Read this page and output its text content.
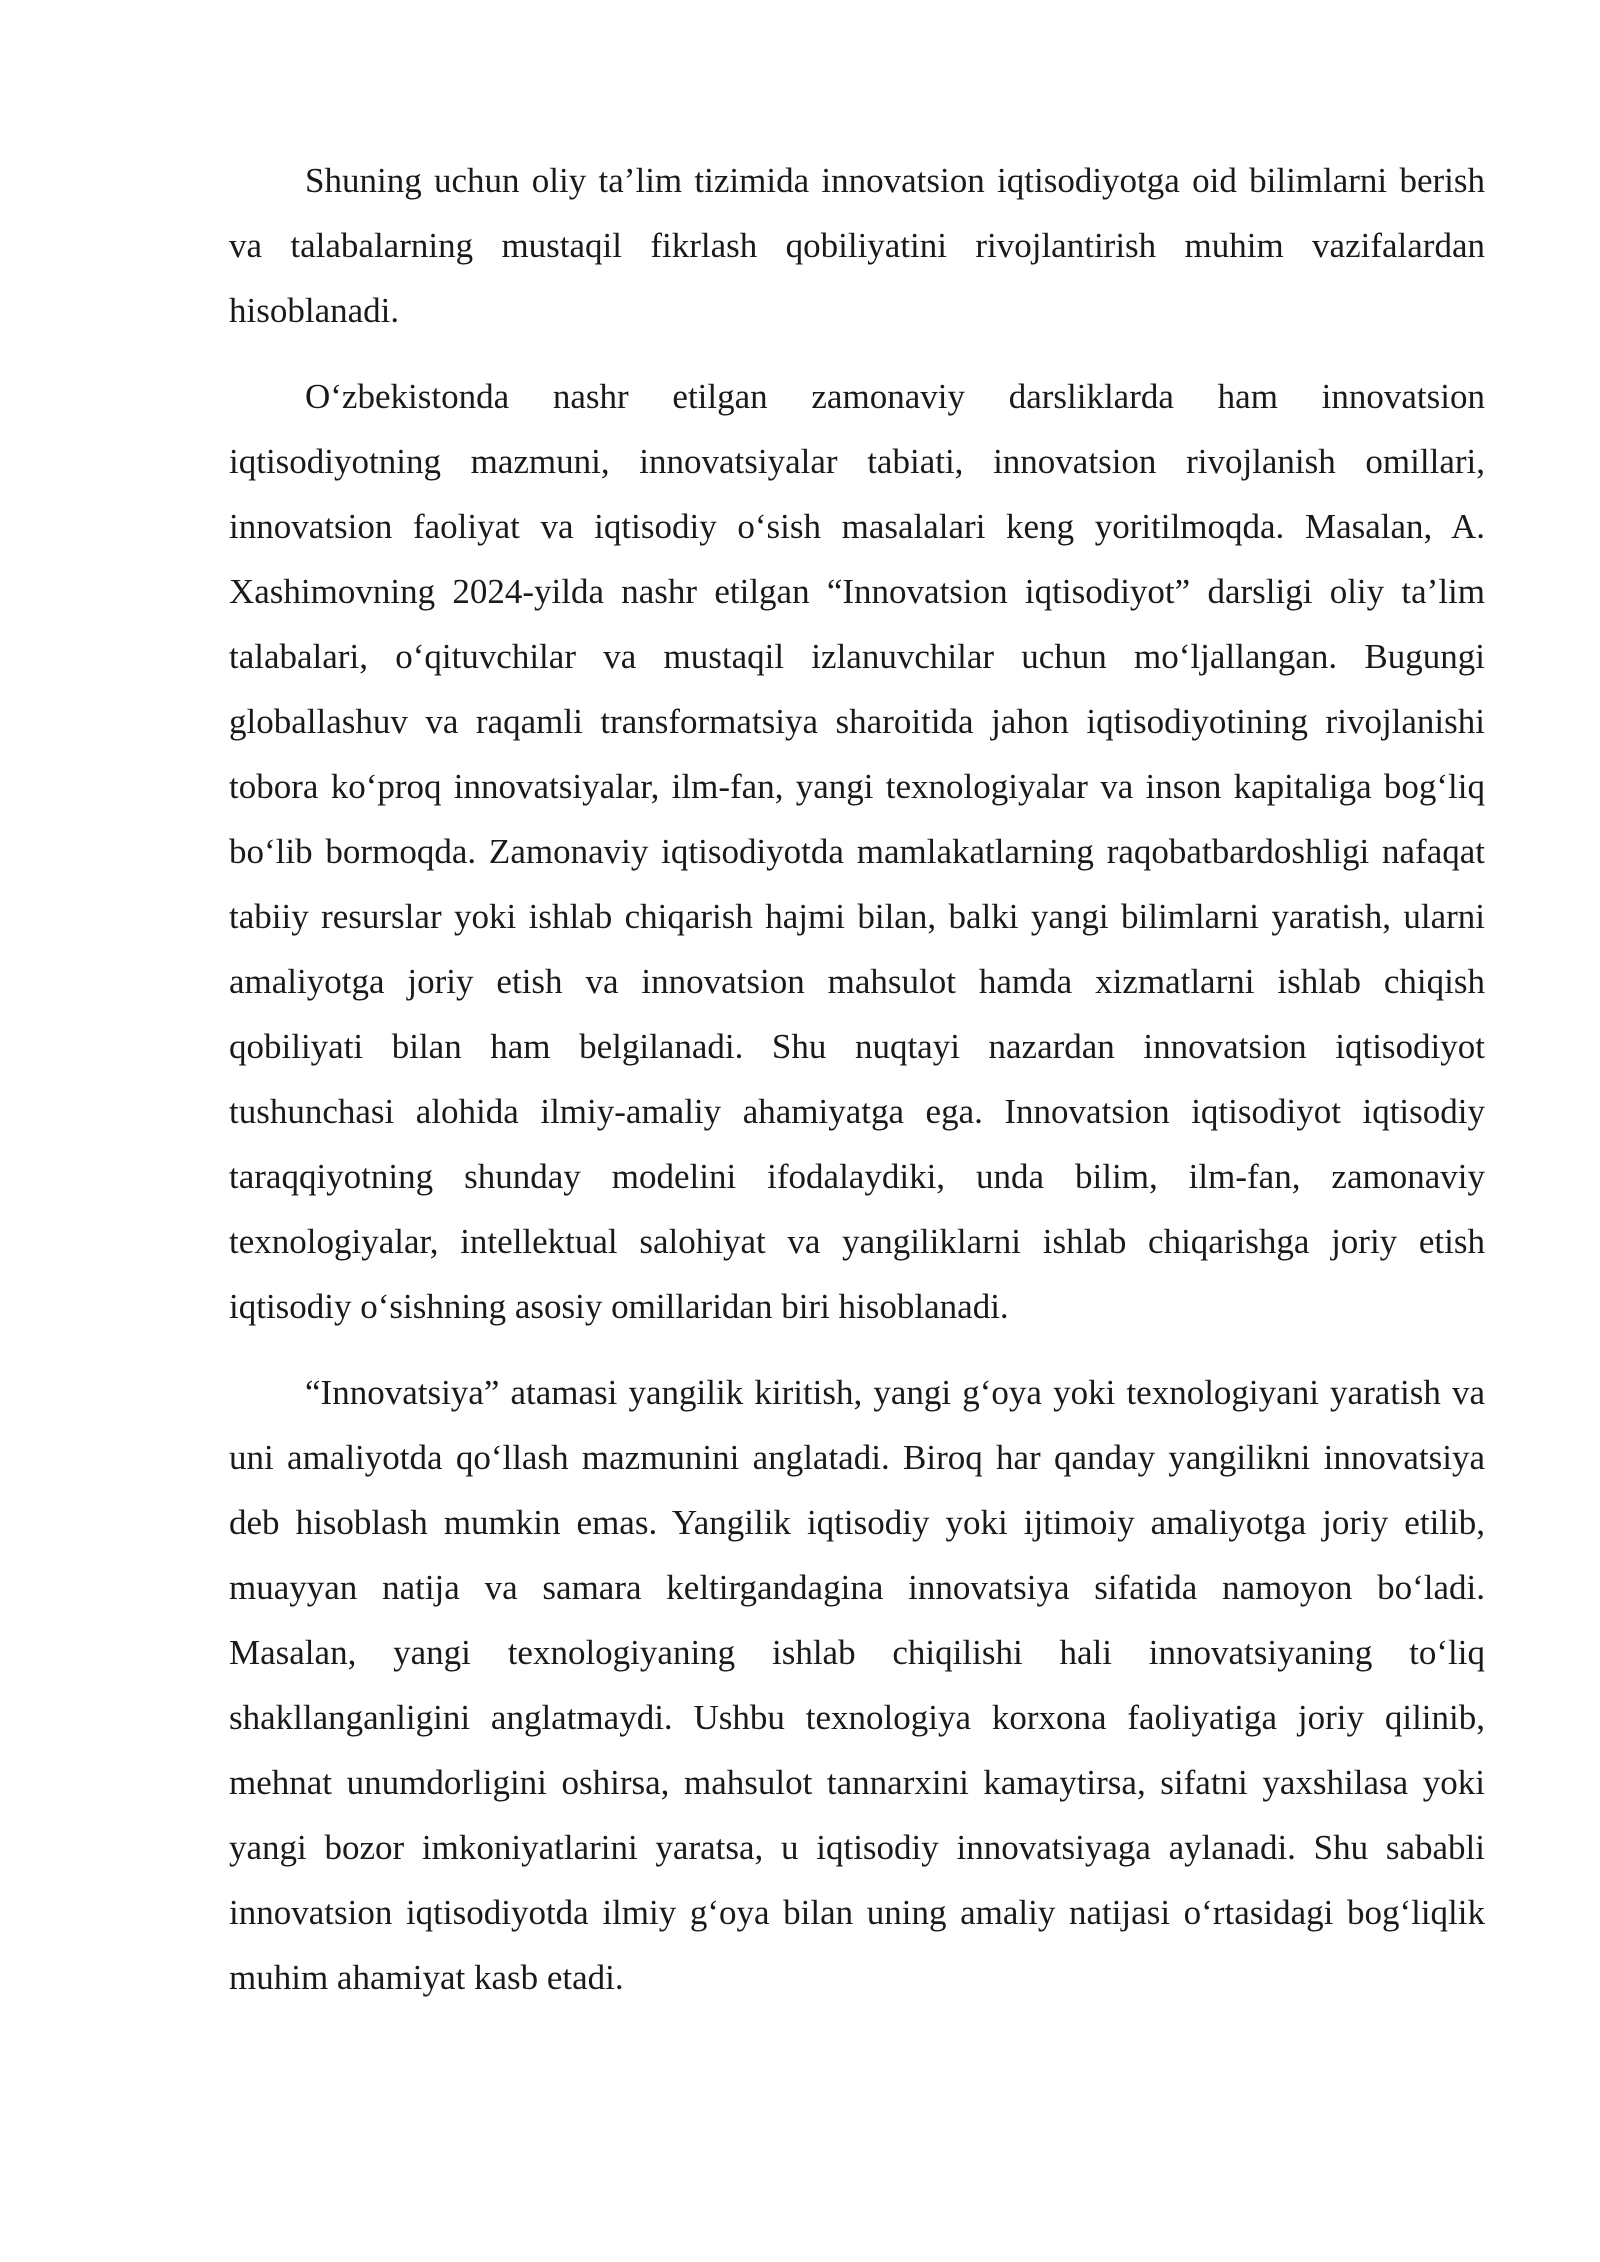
Shuning uchun oliy ta’lim tizimida innovatsion iqtisodiyotga oid bilimlarni berish va talabalarning mustaqil fikrlash qobiliyatini rivojlantirish muhim vazifalardan hisoblanadi.

O‘zbekistonda nashr etilgan zamonaviy darsliklarda ham innovatsion iqtisodiyotning mazmuni, innovatsiyalar tabiati, innovatsion rivojlanish omillari, innovatsion faoliyat va iqtisodiy o‘sish masalalari keng yoritilmoqda. Masalan, A. Xashimovning 2024-yilda nashr etilgan “Innovatsion iqtisodiyot” darsligi oliy ta’lim talabalari, o‘qituvchilar va mustaqil izlanuvchilar uchun mo‘ljallangan. Bugungi globallashuv va raqamli transformatsiya sharoitida jahon iqtisodiyotining rivojlanishi tobora ko‘proq innovatsiyalar, ilm-fan, yangi texnologiyalar va inson kapitaliga bog‘liq bo‘lib bormoqda. Zamonaviy iqtisodiyotda mamlakatlarning raqobatbardoshligi nafaqat tabiiy resurslar yoki ishlab chiqarish hajmi bilan, balki yangi bilimlarni yaratish, ularni amaliyotga joriy etish va innovatsion mahsulot hamda xizmatlarni ishlab chiqish qobiliyati bilan ham belgilanadi. Shu nuqtayi nazardan innovatsion iqtisodiyot tushunchasi alohida ilmiy-amaliy ahamiyatga ega. Innovatsion iqtisodiyot iqtisodiy taraqqiyotning shunday modelini ifodalaydiki, unda bilim, ilm-fan, zamonaviy texnologiyalar, intellektual salohiyat va yangiliklarni ishlab chiqarishga joriy etish iqtisodiy o‘sishning asosiy omillaridan biri hisoblanadi.

“Innovatsiya” atamasi yangilik kiritish, yangi g‘oya yoki texnologiyani yaratish va uni amaliyotda qo‘llash mazmunini anglatadi. Biroq har qanday yangilikni innovatsiya deb hisoblash mumkin emas. Yangilik iqtisodiy yoki ijtimoiy amaliyotga joriy etilib, muayyan natija va samara keltirgandagina innovatsiya sifatida namoyon bo‘ladi. Masalan, yangi texnologiyaning ishlab chiqilishi hali innovatsiyaning to‘liq shakllanganligini anglatmaydi. Ushbu texnologiya korxona faoliyatiga joriy qilinib, mehnat unumdorligini oshirsa, mahsulot tannarxini kamaytirsa, sifatni yaxshilasa yoki yangi bozor imkoniyatlarini yaratsa, u iqtisodiy innovatsiyaga aylanadi. Shu sababli innovatsion iqtisodiyotda ilmiy g‘oya bilan uning amaliy natijasi o‘rtasidagi bog‘liqlik muhim ahamiyat kasb etadi.
